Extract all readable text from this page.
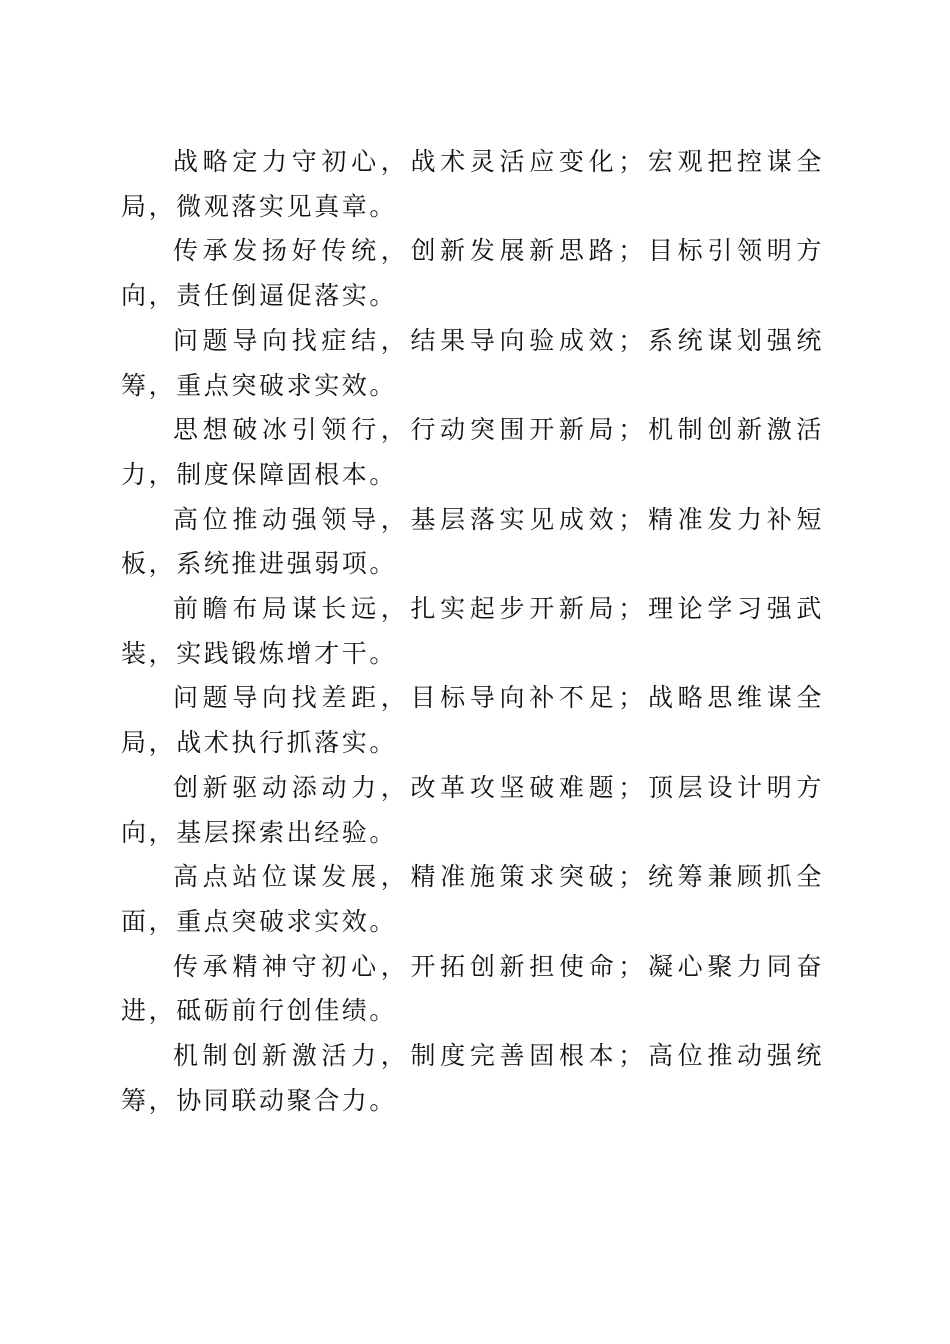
战略定力守初心，战术灵活应变化；宏观把控谋全局，微观落实见真章。

传承发扬好传统，创新发展新思路；目标引领明方向，责任倒逼促落实。

问题导向找症结，结果导向验成效；系统谋划强统筹，重点突破求实效。

思想破冰引领行，行动突围开新局；机制创新激活力，制度保障固根本。

高位推动强领导，基层落实见成效；精准发力补短板，系统推进强弱项。

前瞻布局谋长远，扎实起步开新局；理论学习强武装，实践锻炼增才干。

问题导向找差距，目标导向补不足；战略思维谋全局，战术执行抓落实。

创新驱动添动力，改革攻坚破难题；顶层设计明方向，基层探索出经验。

高点站位谋发展，精准施策求突破；统筹兼顾抓全面，重点突破求实效。

传承精神守初心，开拓创新担使命；凝心聚力同奋进，砥砺前行创佳绩。

机制创新激活力，制度完善固根本；高位推动强统筹，协同联动聚合力。
